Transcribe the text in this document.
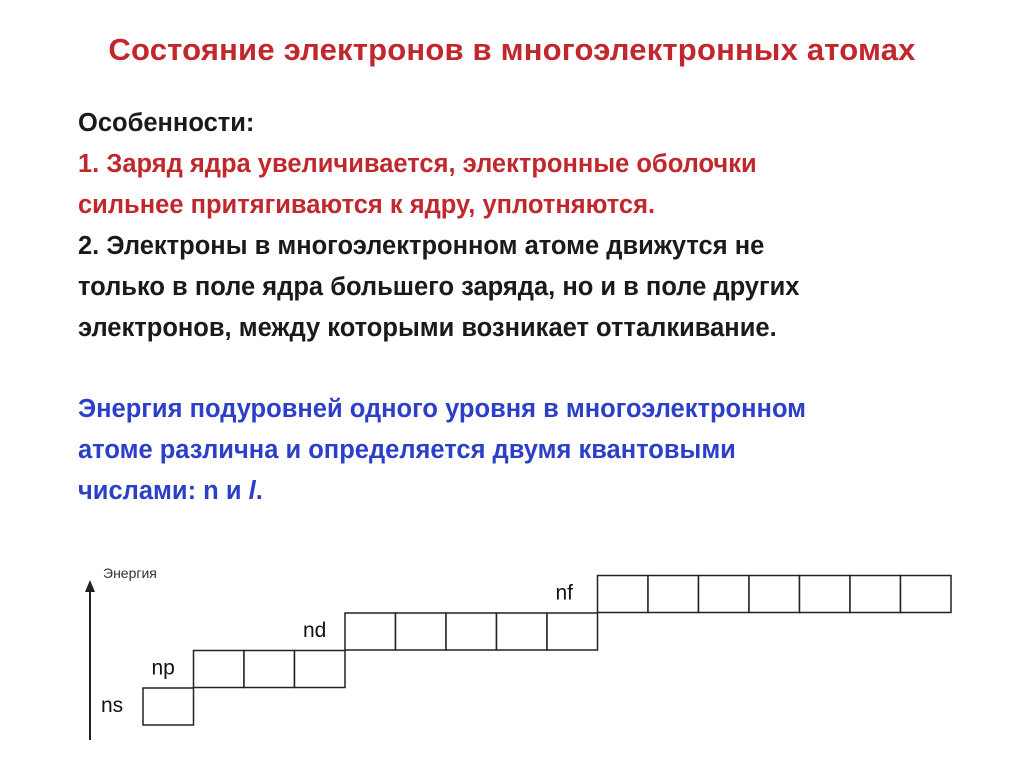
Состояние электронов в многоэлектронных атомах
Особенности:
1. Заряд ядра увеличивается, электронные оболочки
сильнее притягиваются к ядру, уплотняются.
2. Электроны в многоэлектронном атоме движутся не
только в поле ядра большего заряда, но и в поле других
электронов, между которыми возникает отталкивание.
Энергия подуровней одного уровня в многоэлектронном
атоме различна и определяется двумя квантовыми
числами: n и l.
Энергия
ns
np
nd
nf
